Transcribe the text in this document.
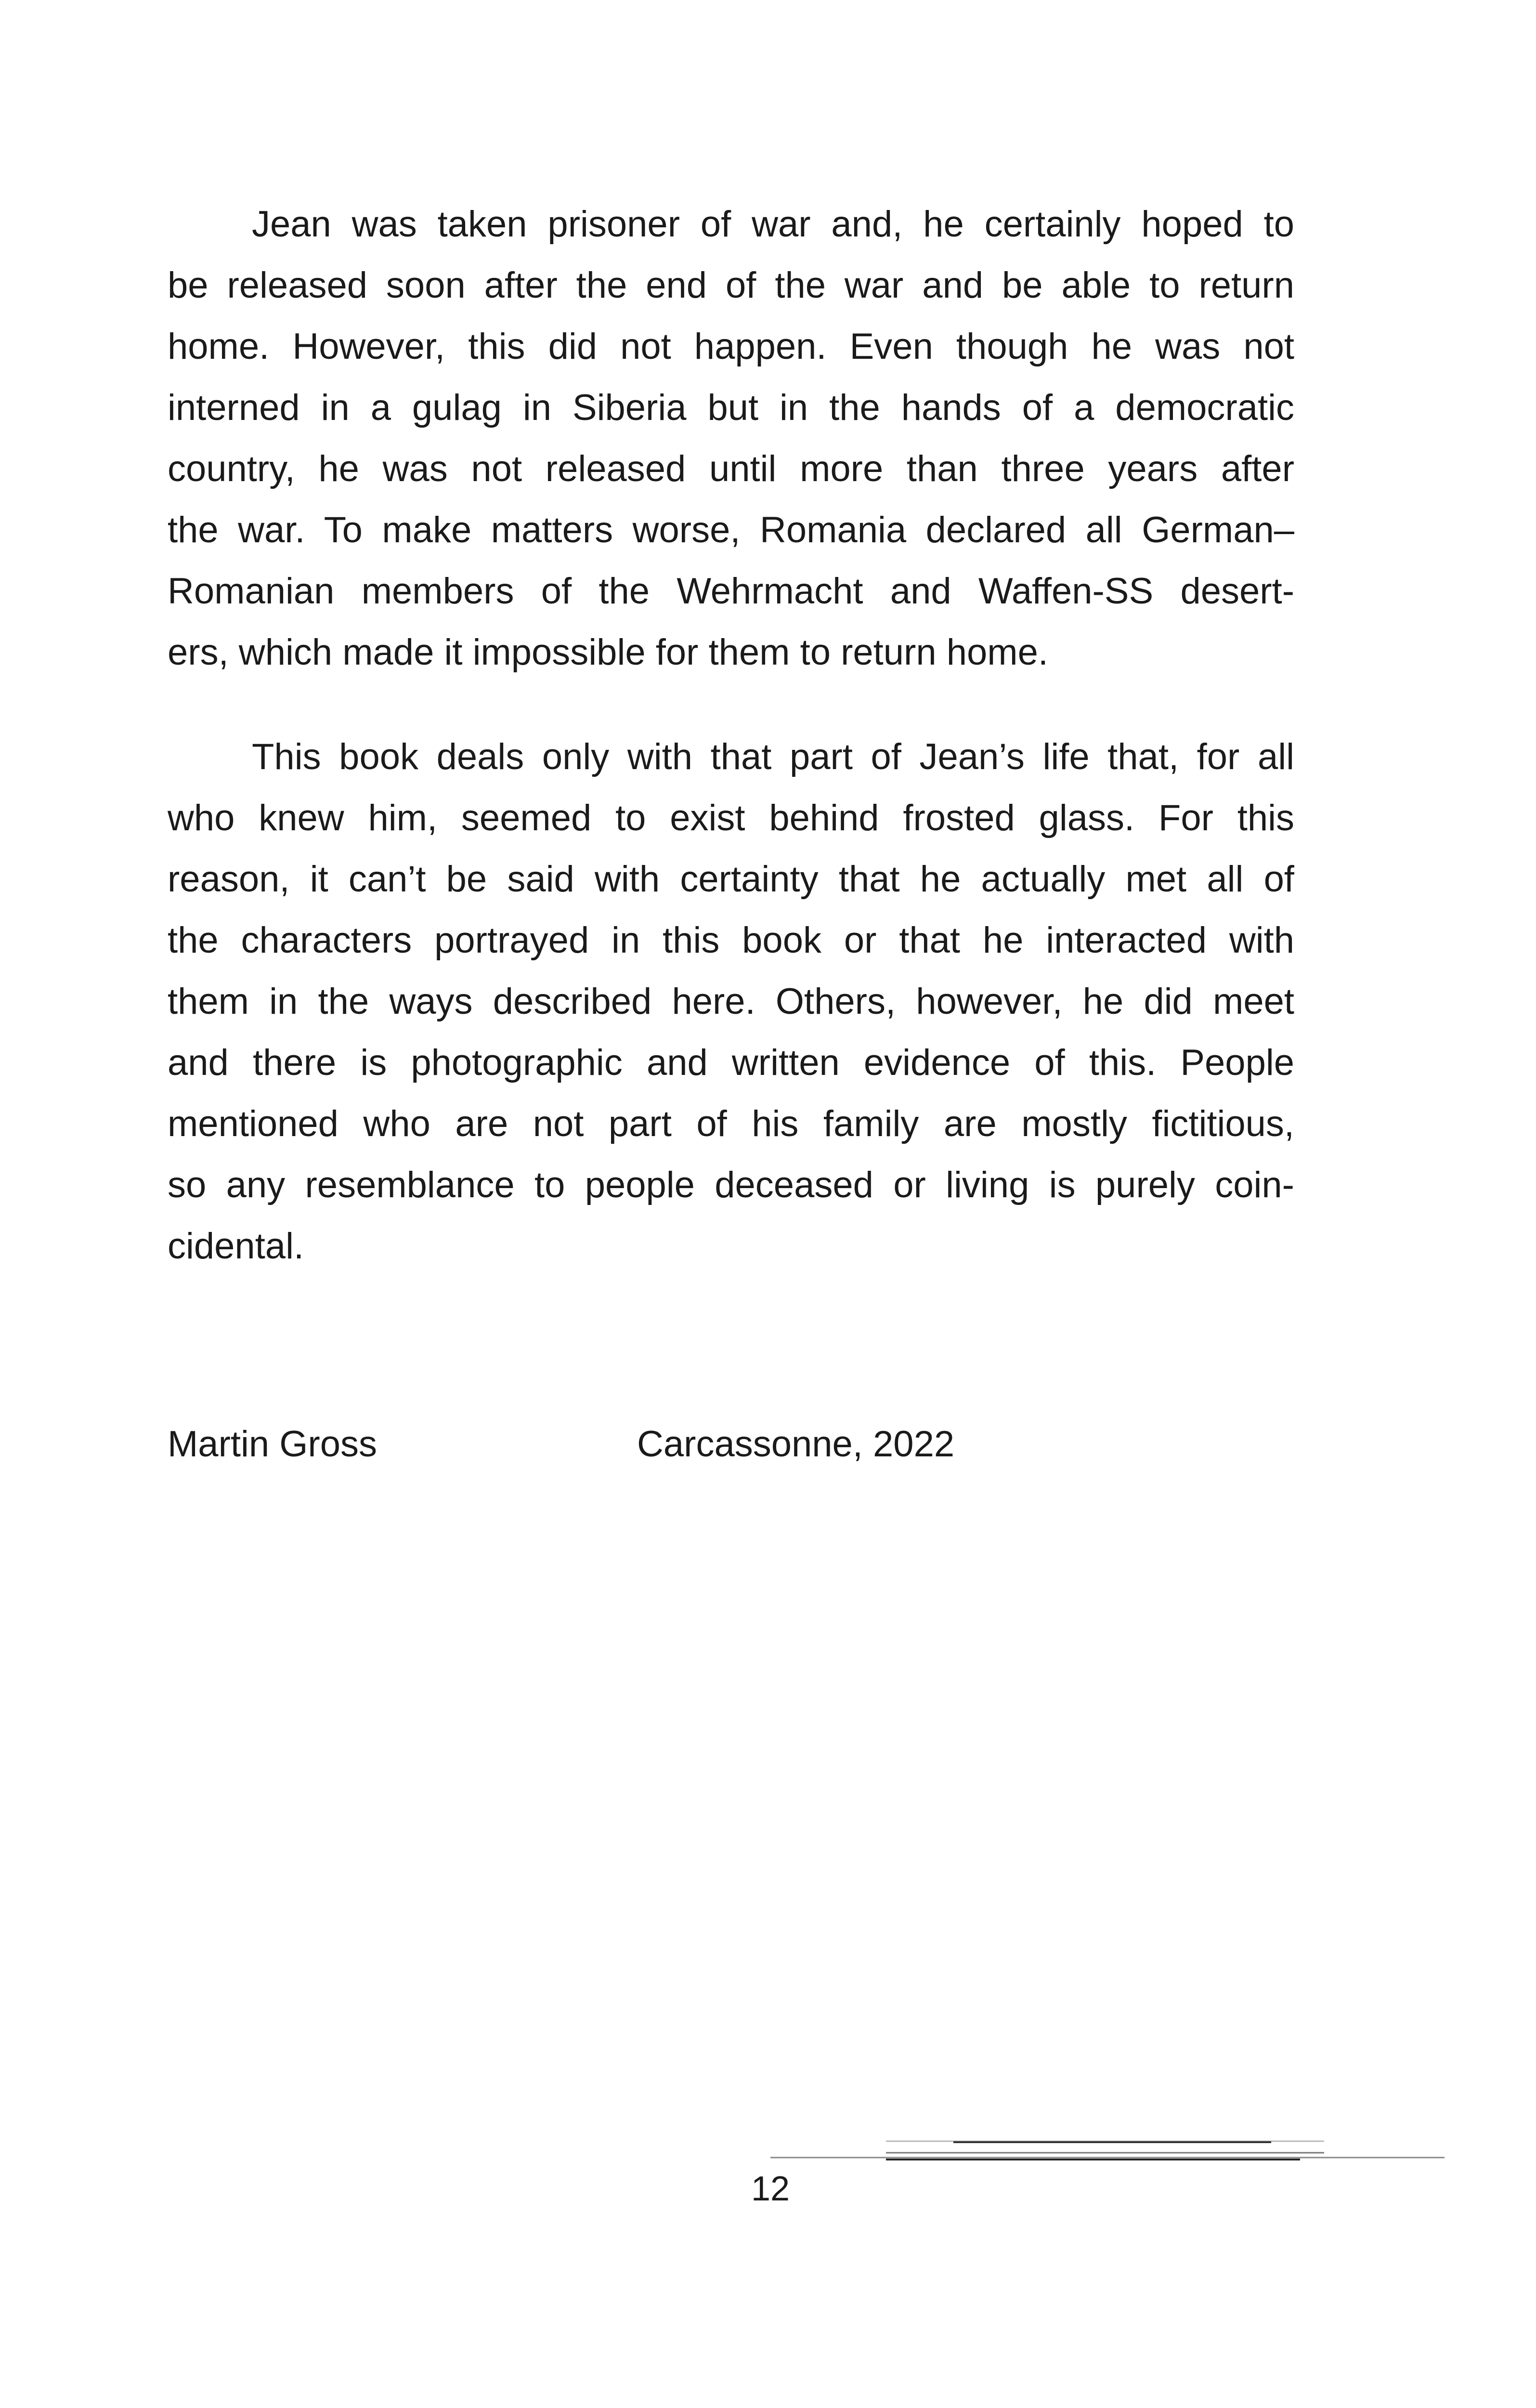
Jean was taken prisoner of war and, he certainly hoped to
be released soon after the end of the war and be able to return
home. However, this did not happen. Even though he was not
interned in a gulag in Siberia but in the hands of a democratic
country, he was not released until more than three years after
the war. To make matters worse, Romania declared all German–
Romanian members of the Wehrmacht and Waffen-SS desert-
ers, which made it impossible for them to return home.
This book deals only with that part of Jean’s life that, for all
who knew him, seemed to exist behind frosted glass. For this
reason, it can’t be said with certainty that he actually met all of
the characters portrayed in this book or that he interacted with
them in the ways described here. Others, however, he did meet
and there is photographic and written evidence of this. People
mentioned who are not part of his family are mostly fictitious,
so any resemblance to people deceased or living is purely coin-
cidental.
Martin Gross	Carcassonne, 2022
12
